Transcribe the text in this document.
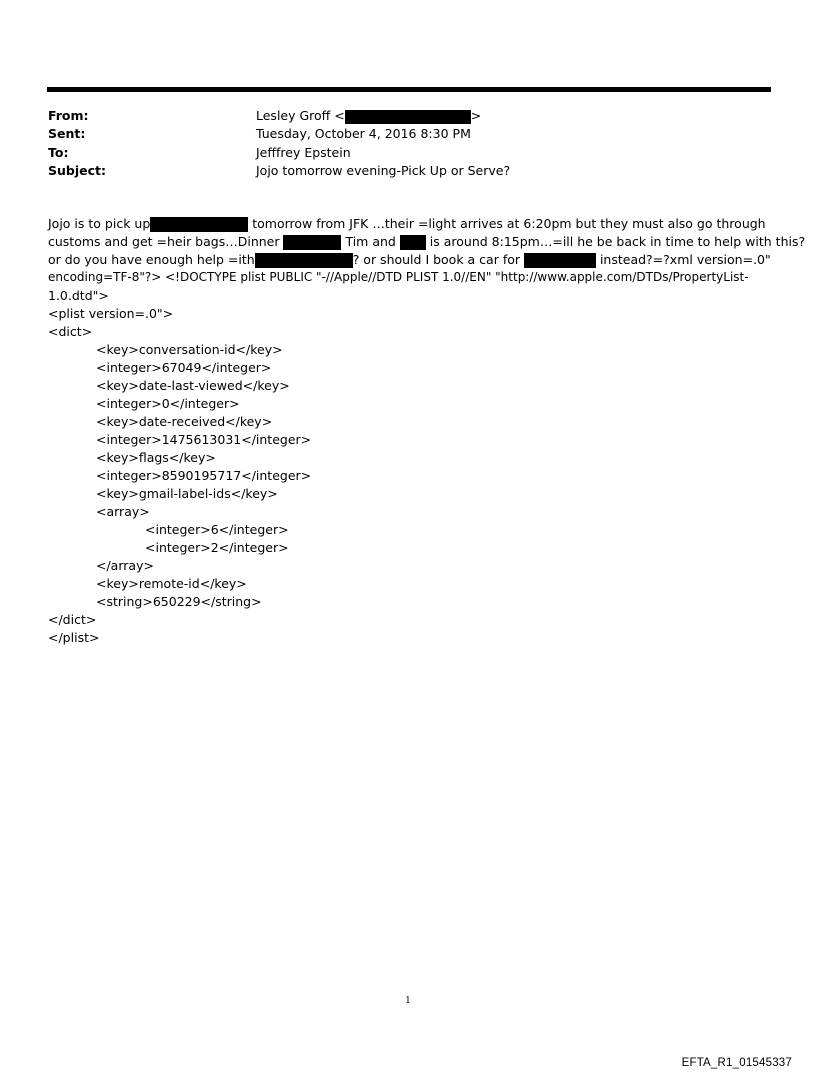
From:	Lesley Groff <	>
Sent:	Tuesday, October 4, 2016 8:30 PM
To:	Jefffrey Epstein
Subject:	Jojo tomorrow evening-Pick Up or Serve?
Jojo is to pick up	tomorrow from JFK …their =light arrives at 6:20pm but they must also go through
customs and get =heir bags…Dinner	Tim and  is around 8:15pm…=ill he be back in time to help with this?
or do you have enough help =ith	? or should I book a car for	instead?=?xml version=.0"
encoding=TF-8"?> <!DOCTYPE plist PUBLIC "-//Apple//DTD PLIST 1.0//EN" "http://www.apple.com/DTDs/PropertyList-
1.0.dtd">
<plist version=.0">
<dict>
<key>conversation-id</key>
<integer>67049</integer>
<key>date-last-viewed</key>
<integer>0</integer>
<key>date-received</key>
<integer>1475613031</integer>
<key>flags</key>
<integer>8590195717</integer>
<key>gmail-label-ids</key>
<array>
<integer>6</integer>
<integer>2</integer>
</array>
<key>remote-id</key>
<string>650229</string>
</dict>
</plist>
1
EFTA_R1_01545337
